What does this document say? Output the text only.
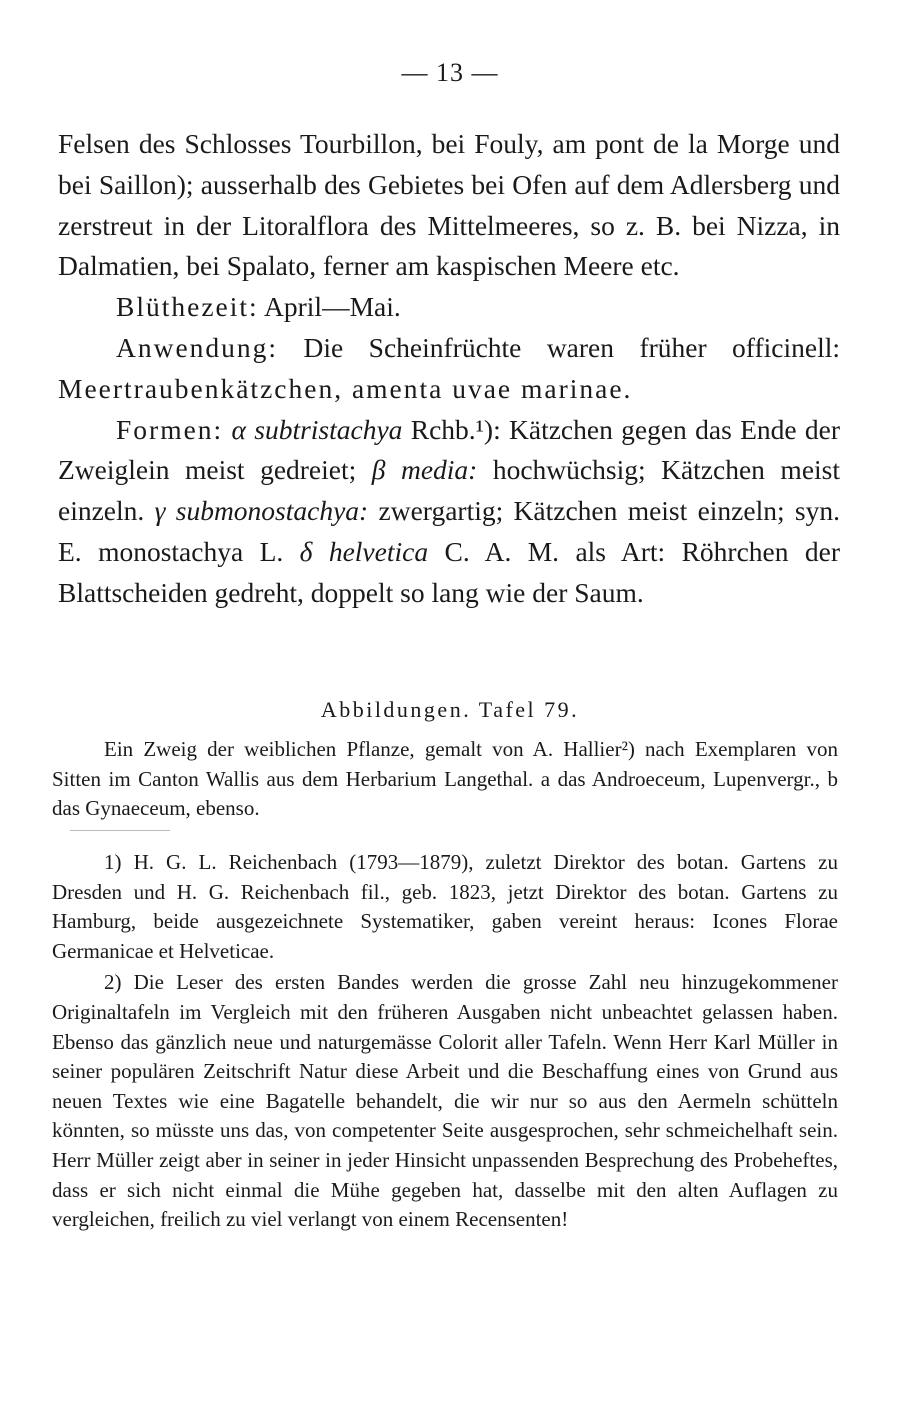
— 13 —

Felsen des Schlosses Tourbillon, bei Fouly, am pont de la Morge und bei Saillon); ausserhalb des Gebietes bei Ofen auf dem Adlersberg und zerstreut in der Litoralflora des Mittelmeeres, so z. B. bei Nizza, in Dalmatien, bei Spalato, ferner am kaspischen Meere etc.

Blüthezeit: April—Mai.

Anwendung: Die Scheinfrüchte waren früher officinell: Meertraubenkätzchen, amenta uvae marinae.

Formen: α subtristachya Rchb.¹): Kätzchen gegen das Ende der Zweiglein meist gedreiet; β media: hochwüchsig; Kätzchen meist einzeln. γ submonostachya: zwergartig; Kätzchen meist einzeln; syn. E. monostachya L. δ helvetica C. A. M. als Art: Röhrchen der Blattscheiden gedreht, doppelt so lang wie der Saum.

Abbildungen. Tafel 79.

Ein Zweig der weiblichen Pflanze, gemalt von A. Hallier²) nach Exemplaren von Sitten im Canton Wallis aus dem Herbarium Langethal. a das Androeceum, Lupenvergr., b das Gynaeceum, ebenso.

1) H. G. L. Reichenbach (1793—1879), zuletzt Direktor des botan. Gartens zu Dresden und H. G. Reichenbach fil., geb. 1823, jetzt Direktor des botan. Gartens zu Hamburg, beide ausgezeichnete Systematiker, gaben vereint heraus: Icones Florae Germanicae et Helveticae.

2) Die Leser des ersten Bandes werden die grosse Zahl neu hinzugekommener Originaltafeln im Vergleich mit den früheren Ausgaben nicht unbeachtet gelassen haben. Ebenso das gänzlich neue und naturgemässe Colorit aller Tafeln. Wenn Herr Karl Müller in seiner populären Zeitschrift Natur diese Arbeit und die Beschaffung eines von Grund aus neuen Textes wie eine Bagatelle behandelt, die wir nur so aus den Aermeln schütteln könnten, so müsste uns das, von competenter Seite ausgesprochen, sehr schmeichelhaft sein. Herr Müller zeigt aber in seiner in jeder Hinsicht unpassenden Besprechung des Probeheftes, dass er sich nicht einmal die Mühe gegeben hat, dasselbe mit den alten Auflagen zu vergleichen, freilich zu viel verlangt von einem Recensenten!
